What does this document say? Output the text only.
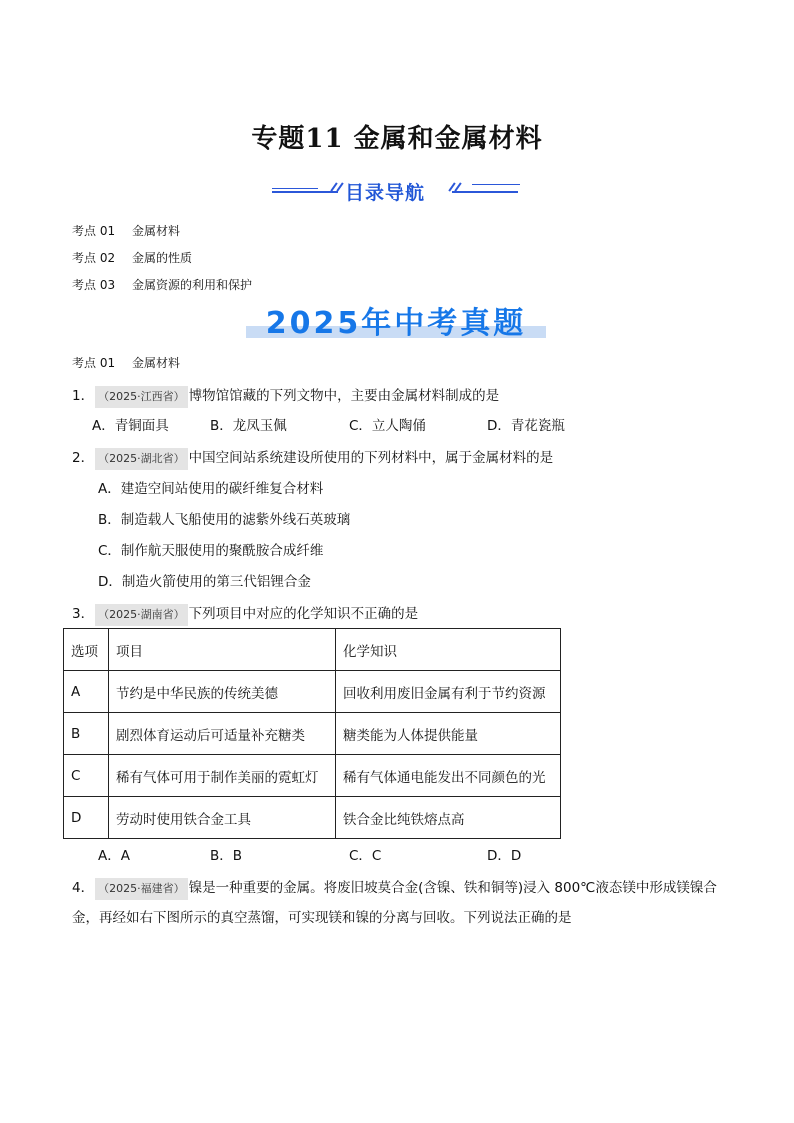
专题11 金属和金属材料
目录导航
考点 01 金属材料
考点 02 金属的性质
考点 03 金属资源的利用和保护
2025年中考真题
考点 01 金属材料
1． （2025·江西省） 博物馆馆藏的下列文物中，主要由金属材料制成的是
A．青铜面具	B．龙凤玉佩	C．立人陶俑	D．青花瓷瓶
2． （2025·湖北省） 中国空间站系统建设所使用的下列材料中，属于金属材料的是
A．建造空间站使用的碳纤维复合材料
B．制造载人飞船使用的滤紫外线石英玻璃
C．制作航天服使用的聚酰胺合成纤维
D．制造火箭使用的第三代铝锂合金
3． （2025·湖南省） 下列项目中对应的化学知识不正确的是
选项	项目	化学知识
A	节约是中华民族的传统美德	回收利用废旧金属有利于节约资源
B	剧烈体育运动后可适量补充糖类	糖类能为人体提供能量
C	稀有气体可用于制作美丽的霓虹灯	稀有气体通电能发出不同颜色的光
D	劳动时使用铁合金工具	铁合金比纯铁熔点高
A．A	B．B	C．C	D．D
4． （2025·福建省） 镍是一种重要的金属。将废旧坡莫合金(含镍、铁和铜等)浸入 800℃液态镁中形成镁镍合
金，再经如右下图所示的真空蒸馏，可实现镁和镍的分离与回收。下列说法正确的是
